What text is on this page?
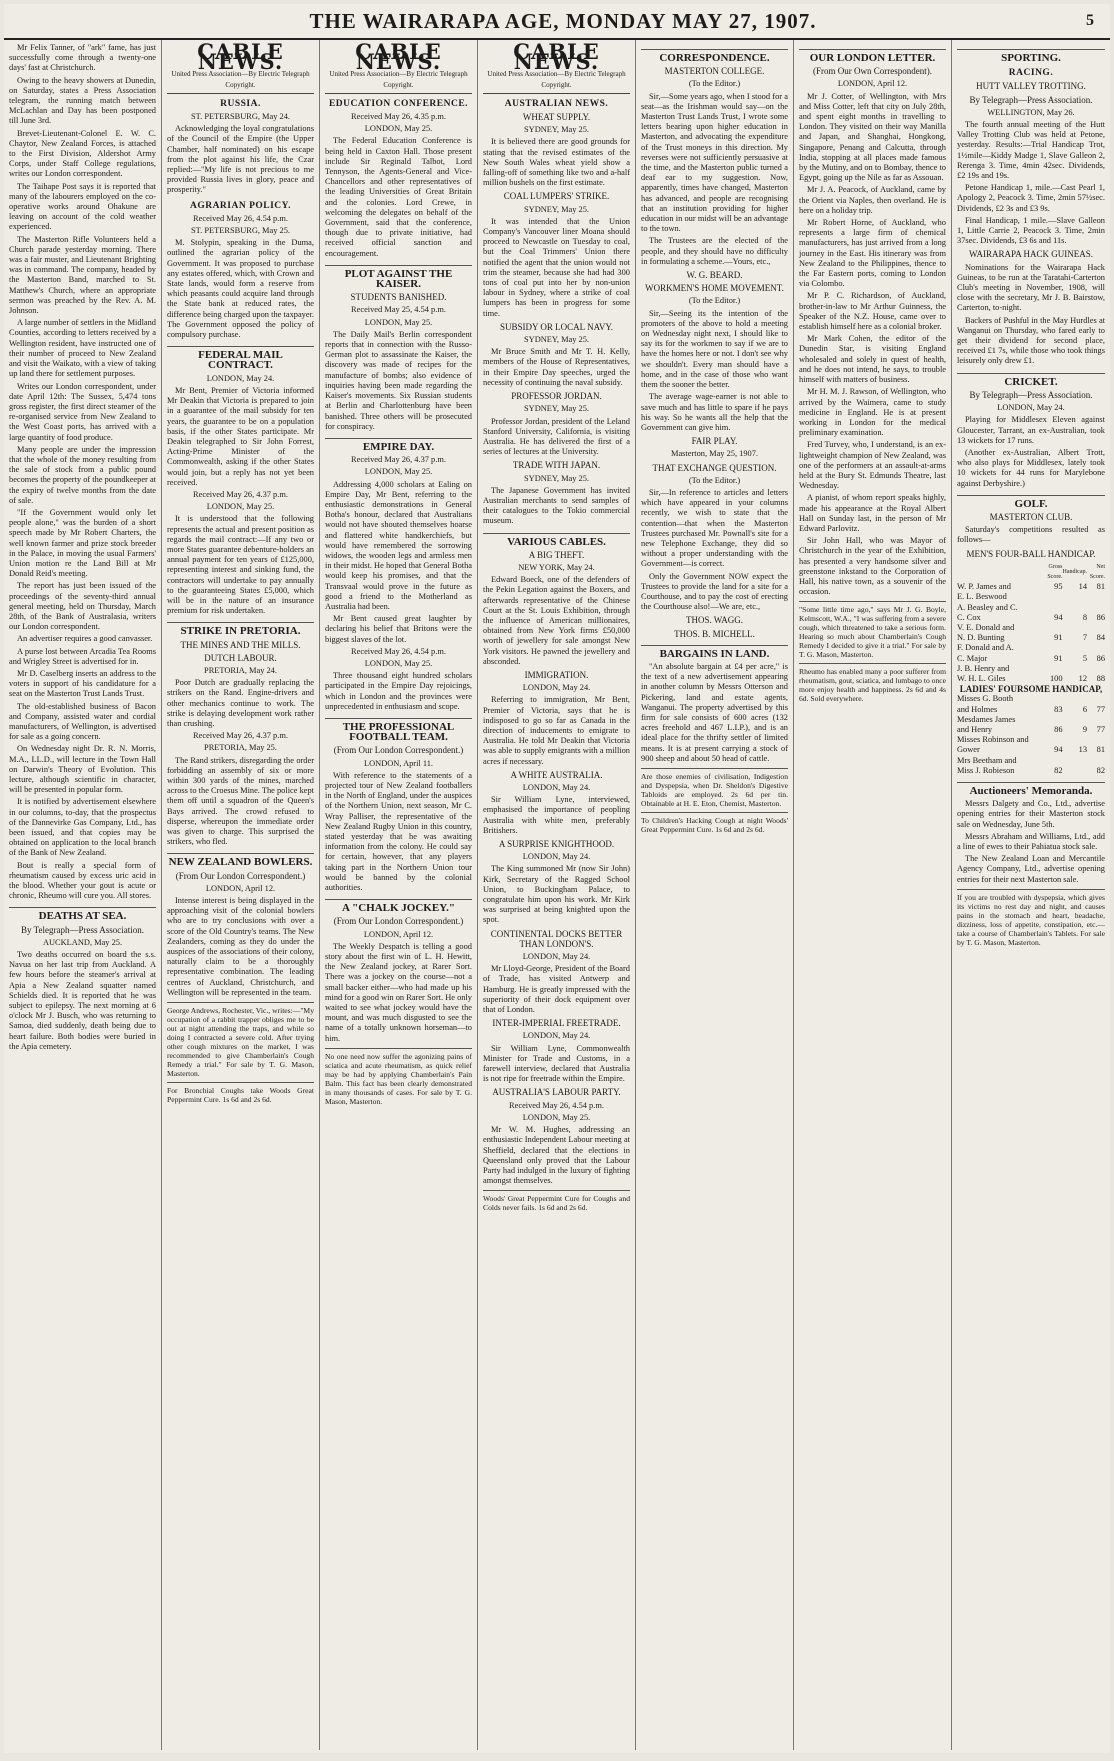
THE WAIRARAPA AGE, MONDAY MAY 27, 1907.	5

Mr Felix Tanner, of "ark" fame, has just successfully come through a twenty-one days' fast at Christchurch.

Owing to the heavy showers at Dunedin, on Saturday, states a Press Association telegram, the running match between McLachlan and Day has been postponed till June 3rd.

Brevet-Lieutenant-Colonel E. W. C. Chaytor, New Zealand Forces, is attached to the First Division, Aldershot Army Corps, under Staff College regulations, writes our London correspondent.

The Taihape Post says it is reported that many of the labourers employed on the co-operative works around Ohakune are leaving on account of the cold weather experienced.

The Masterton Rifle Volunteers held a Church parade yesterday morning. There was a fair muster, and Lieutenant Brighting was in command. The company, headed by the Masterton Band, marched to St. Matthew's Church, where an appropriate sermon was preached by the Rev. A. M. Johnson.

A large number of settlers in the Midland Counties, according to letters received by a Wellington resident, have instructed one of their number of proceed to New Zealand and visit the Waikato, with a view of taking up land there for settlement purposes.

Writes our London correspondent, under date April 12th: The Sussex, 5,474 tons gross register, the first direct steamer of the re-organised service from New Zealand to the West Coast ports, has arrived with a large quantity of food produce.

Many people are under the impression that the whole of the money resulting from the sale of stock from a public pound becomes the property of the poundkeeper at the expiry of twelve months from the date of sale.

"If the Government would only let people alone," was the burden of a short speech made by Mr Robert Charters, the well known farmer and prize stock breeder in the Palace, in moving the usual Farmers' Union motion re the Land Bill at Mr Donald Reid's meeting.

The report has just been issued of the proceedings of the seventy-third annual general meeting, held on Thursday, March 28th, of the Bank of Australasia, writers our London correspondent.

An advertiser requires a good canvasser.

A purse lost between Arcadia Tea Rooms and Wrigley Street is advertised for in.

Mr D. Caselberg inserts an address to the voters in support of his candidature for a seat on the Masterton Trust Lands Trust.

The old-established business of Bacon and Company, assisted water and cordial manufacturers, of Wellington, is advertised for sale as a going concern.

On Wednesday night Dr. R. N. Morris, M.A., LL.D., will lecture in the Town Hall on Darwin's Theory of Evolution. This lecture, although scientific in character, will be presented in popular form.

It is notified by advertisement elsewhere in our columns, to-day, that the prospectus of the Dannevirke Gas Company, Ltd., has been issued, and that copies may be obtained on application to the local branch of the Bank of New Zealand.

Bout is really a special form of rheumatism caused by excess uric acid in the blood. Whether your gout is acute or chronic, Rheumo will cure you. All stores.

DEATHS AT SEA.
By Telegraph—Press Association.
AUCKLAND, May 25.

Two deaths occurred on board the s.s. Navua on her last trip from Auckland. A few hours before the steamer's arrival at Apia a New Zealand squatter named Schields died. It is reported that he was subject to epilepsy. The next morning at 6 o'clock Mr J. Busch, who was returning to Samoa, died suddenly, death being due to heart failure. Both bodies were buried in the Apia cemetery.

CABLE NEWS.
United Press Association—By Electric Telegraph Copyright.
RUSSIA.
ST. PETERSBURG, May 24.

Acknowledging the loyal congratulations of the Council of the Empire (the Upper Chamber, half nominated) on his escape from the plot against his life, the Czar replied:—"My life is not precious to me provided Russia lives in glory, peace and prosperity."

AGRARIAN POLICY.
Received May 26, 4.54 p.m.
ST. PETERSBURG, May 25.

M. Stolypin, speaking in the Duma, outlined the agrarian policy of the Government. It was proposed to purchase any estates offered, which, with Crown and State lands, would form a reserve from which peasants could acquire land through the State bank at reduced rates, the difference being charged upon the taxpayer. The Government opposed the policy of compulsory purchase.

FEDERAL MAIL CONTRACT.
LONDON, May 24.

Mr Bent, Premier of Victoria informed Mr Deakin that Victoria is prepared to join in a guarantee of the mail subsidy for ten years, the guarantee to be on a population basis, if the other States participate. Mr Deakin telegraphed to Sir John Forrest, Acting-Prime Minister of the Commonwealth, asking if the other States would join, but a reply has not yet been received.

Received May 26, 4.37 p.m.
LONDON, May 25.

It is understood that the following represents the actual and present position as regards the mail contract:—If any two or more States guarantee debenture-holders an annual payment for ten years of £125,000, representing interest and sinking fund, the contractors will undertake to pay annually to the guaranteeing States £5,000, which will be in the nature of an insurance premium for risk undertaken.

STRIKE IN PRETORIA.
THE MINES AND THE MILLS.
DUTCH LABOUR.
PRETORIA, May 24.

Poor Dutch are gradually replacing the strikers on the Rand. Engine-drivers and other mechanics continue to work. The strike is delaying development work rather than crushing.

Received May 26, 4.37 p.m.
PRETORIA, May 25.

The Rand strikers, disregarding the order forbidding an assembly of six or more within 300 yards of the mines, marched across to the Croesus Mine. The police kept them off until a squadron of the Queen's Bays arrived. The crowd refused to disperse, whereupon the immediate order was given to charge. This surprised the strikers, who fled.

NEW ZEALAND BOWLERS.
(From Our London Correspondent.)
LONDON, April 12.

Intense interest is being displayed in the approaching visit of the colonial bowlers who are to try conclusions with over a score of the Old Country's teams. The New Zealanders, coming as they do under the auspices of the associations of their colony, naturally claim to be a thoroughly representative combination. The leading centres of Auckland, Christchurch, and Wellington will be represented in the team.

George Andrews, Rochester, Vic., writes:—"My occupation of a rabbit trapper obliges me to be out at night attending the traps, and while so doing I contracted a severe cold. After trying other cough mixtures on the market, I was recommended to give Chamberlain's Cough Remedy a trial." For sale by T. G. Mason, Masterton.
For Bronchial Coughs take Woods Great Peppermint Cure. 1s 6d and 2s 6d.
CABLE NEWS.
United Press Association—By Electric Telegraph Copyright.
EDUCATION CONFERENCE.
Received May 26, 4.35 p.m.
LONDON, May 25.

The Federal Education Conference is being held in Caxton Hall. Those present include Sir Reginald Talbot, Lord Tennyson, the Agents-General and Vice-Chancellors and other representatives of the leading Universities of Great Britain and the colonies. Lord Crewe, in welcoming the delegates on behalf of the Government, said that the conference, though due to private initiative, had received official sanction and encouragement.

PLOT AGAINST THE KAISER.
STUDENTS BANISHED.
Received May 25, 4.54 p.m.
LONDON, May 25.

The Daily Mail's Berlin correspondent reports that in connection with the Russo-German plot to assassinate the Kaiser, the discovery was made of recipes for the manufacture of bombs; also evidence of inquiries having been made regarding the Kaiser's movements. Six Russian students at Berlin and Charlottenburg have been banished. Three others will be prosecuted for conspiracy.

EMPIRE DAY.
Received May 26, 4.37 p.m.
LONDON, May 25.

Addressing 4,000 scholars at Ealing on Empire Day, Mr Bent, referring to the enthusiastic demonstrations in General Botha's honour, declared that Australians would not have shouted themselves hoarse and flattered white handkerchiefs, but would have remembered the sorrowing widows, the wooden legs and armless men in their midst. He hoped that General Botha would keep his promises, and that the Transvaal would prove in the future as good a friend to the Motherland as Australia had been.

Mr Bent caused great laughter by declaring his belief that Britons were the biggest slaves of the lot.

Received May 26, 4.54 p.m.
LONDON, May 25.

Three thousand eight hundred scholars participated in the Empire Day rejoicings, which in London and the provinces were unprecedented in enthusiasm and scope.

THE PROFESSIONAL FOOTBALL TEAM.
(From Our London Correspondent.)
LONDON, April 11.

With reference to the statements of a projected tour of New Zealand footballers in the North of England, under the auspices of the Northern Union, next season, Mr C. Wray Palliser, the representative of the New Zealand Rugby Union in this country, stated yesterday that he was awaiting information from the colony. He could say for certain, however, that any players taking part in the Northern Union tour would be banned by the colonial authorities.

A "CHALK JOCKEY."
(From Our London Correspondent.)
LONDON, April 12.

The Weekly Despatch is telling a good story about the first win of L. H. Hewitt, the New Zealand jockey, at Rarer Sort. There was a jockey on the course—not a small backer either—who had made up his mind for a good win on Rarer Sort. He only waited to see what jockey would have the mount, and was much disgusted to see the name of a totally unknown horseman—to him.

No one need now suffer the agonizing pains of sciatica and acute rheumatism, as quick relief may be had by applying Chamberlain's Pain Balm. This fact has been clearly demonstrated in many thousands of cases. For sale by T. G. Mason, Masterton.
CABLE NEWS.
United Press Association—By Electric Telegraph Copyright.
AUSTRALIAN NEWS.
WHEAT SUPPLY.
SYDNEY, May 25.

It is believed there are good grounds for stating that the revised estimates of the New South Wales wheat yield show a falling-off of something like two and a-half million bushels on the first estimate.

COAL LUMPERS' STRIKE.
SYDNEY, May 25.

It was intended that the Union Company's Vancouver liner Moana should proceed to Newcastle on Tuesday to coal, but the Coal Trimmers' Union there notified the agent that the union would not trim the steamer, because she had had 300 tons of coal put into her by non-union labour in Sydney, where a strike of coal lumpers has been in progress for some time.

SUBSIDY OR LOCAL NAVY.
SYDNEY, May 25.

Mr Bruce Smith and Mr T. H. Kelly, members of the House of Representatives, in their Empire Day speeches, urged the necessity of continuing the naval subsidy.

PROFESSOR JORDAN.
SYDNEY, May 25.

Professor Jordan, president of the Leland Stanford University, California, is visiting Australia. He has delivered the first of a series of lectures at the University.

TRADE WITH JAPAN.
SYDNEY, May 25.

The Japanese Government has invited Australian merchants to send samples of their catalogues to the Tokio commercial museum.

VARIOUS CABLES.
A BIG THEFT.
NEW YORK, May 24.

Edward Boeck, one of the defenders of the Pekin Legation against the Boxers, and afterwards representative of the Chinese Court at the St. Louis Exhibition, through the influence of American millionaires, obtained from New York firms £50,000 worth of jewellery for sale amongst New York visitors. He pawned the jewellery and absconded.

IMMIGRATION.
LONDON, May 24.

Referring to immigration, Mr Bent, Premier of Victoria, says that he is indisposed to go so far as Canada in the direction of inducements to emigrate to Australia. He told Mr Deakin that Victoria was able to supply emigrants with a million acres if necessary.

A WHITE AUSTRALIA.
LONDON, May 24.

Sir William Lyne, interviewed, emphasised the importance of peopling Australia with white men, preferably Britishers.

A SURPRISE KNIGHTHOOD.
LONDON, May 24.

The King summoned Mr (now Sir John) Kirk, Secretary of the Ragged School Union, to Buckingham Palace, to congratulate him upon his work. Mr Kirk was surprised at being knighted upon the spot.

CONTINENTAL DOCKS BETTER THAN LONDON'S.
LONDON, May 24.

Mr Lloyd-George, President of the Board of Trade, has visited Antwerp and Hamburg. He is greatly impressed with the superiority of their dock equipment over that of London.

INTER-IMPERIAL FREETRADE.
LONDON, May 24.

Sir William Lyne, Commonwealth Minister for Trade and Customs, in a farewell interview, declared that Australia is not ripe for freetrade within the Empire.

AUSTRALIA'S LABOUR PARTY.
Received May 26, 4.54 p.m.
LONDON, May 25.

Mr W. M. Hughes, addressing an enthusiastic Independent Labour meeting at Sheffield, declared that the elections in Queensland only proved that the Labour Party had indulged in the luxury of fighting amongst themselves.

Woods' Great Peppermint Cure for Coughs and Colds never fails. 1s 6d and 2s 6d.
CORRESPONDENCE.
MASTERTON COLLEGE.
(To the Editor.)

Sir,—Some years ago, when I stood for a seat—as the Irishman would say—on the Masterton Trust Lands Trust, I wrote some letters bearing upon higher education in Masterton, and advocating the expenditure of the Trust moneys in this direction. My reverses were not sufficiently persuasive at the time, and the Masterton public turned a deaf ear to my suggestion. Now, apparently, times have changed, Masterton has advanced, and people are recognising that an institution providing for higher education in our midst will be an advantage to the town.

The Trustees are the elected of the people, and they should have no difficulty in formulating a scheme.—Yours, etc.,

W. G. BEARD.
WORKMEN'S HOME MOVEMENT.
(To the Editor.)

Sir,—Seeing its the intention of the promoters of the above to hold a meeting on Wednesday night next, I should like to say its for the workmen to say if we are to have the homes here or not. I don't see why we shouldn't. Every man should have a home, and in the case of those who want them the sooner the better.

The average wage-earner is not able to save much and has little to spare if he pays his way. So he wants all the help that the Government can give him.

FAIR PLAY.
Masterton, May 25, 1907.
THAT EXCHANGE QUESTION.
(To the Editor.)

Sir,—In reference to articles and letters which have appeared in your columns recently, we wish to state that the contention—that when the Masterton Trustees purchased Mr. Pownall's site for a new Telephone Exchange, they did so without a proper understanding with the Government—is correct.

Only the Government NOW expect the Trustees to provide the land for a site for a Courthouse, and to pay the cost of erecting the Courthouse also!—We are, etc.,

THOS. WAGG.
THOS. B. MICHELL.
BARGAINS IN LAND.

"An absolute bargain at £4 per acre," is the text of a new advertisement appearing in another column by Messrs Otterson and Pickering, land and estate agents, Wanganui. The property advertised by this firm for sale consists of 600 acres (132 acres freehold and 467 L.I.P.), and is an ideal place for the thrifty settler of limited means. It is at present carrying a stock of 900 sheep and about 50 head of cattle.

Are those enemies of civilisation, Indigestion and Dyspepsia, when Dr. Sheldon's Digestive Tabloids are employed. 2s 6d per tin. Obtainable at H. E. Eton, Chemist, Masterton.
To Children's Hacking Cough at night Woods' Great Peppermint Cure. 1s 6d and 2s 6d.
OUR LONDON LETTER.
(From Our Own Correspondent).
LONDON, April 12.

Mr J. Cotter, of Wellington, with Mrs and Miss Cotter, left that city on July 28th, and spent eight months in travelling to London. They visited on their way Manilla and Japan, and Shanghai, Hongkong, Singapore, Penang and Calcutta, through India, stopping at all places made famous by the Mutiny, and on to Bombay, thence to Egypt, going up the Nile as far as Assouan.

Mr J. A. Peacock, of Auckland, came by the Orient via Naples, then overland. He is here on a holiday trip.

Mr Robert Horne, of Auckland, who represents a large firm of chemical manufacturers, has just arrived from a long journey in the East. His itinerary was from New Zealand to the Philippines, thence to the Far Eastern ports, coming to London via Colombo.

Mr P. C. Richardson, of Auckland, brother-in-law to Mr Arthur Guinness, the Speaker of the N.Z. House, came over to establish himself here as a colonial broker.

Mr Mark Cohen, the editor of the Dunedin Star, is visiting England wholesaled and solely in quest of health, and he does not intend, he says, to trouble himself with matters of business.

Mr H. M. J. Rawson, of Wellington, who arrived by the Waimera, came to study medicine in England. He is at present working in London for the medical preliminary examination.

Fred Turvey, who, I understand, is an ex-lightweight champion of New Zealand, was one of the performers at an assault-at-arms held at the Bury St. Edmunds Theatre, last Wednesday.

A pianist, of whom report speaks highly, made his appearance at the Royal Albert Hall on Sunday last, in the person of Mr Edward Parlovitz.

Sir John Hall, who was Mayor of Christchurch in the year of the Exhibition, has presented a very handsome silver and greenstone inkstand to the Corporation of Hall, his native town, as a souvenir of the occasion.

"Some little time ago," says Mr J. G. Boyle, Kelmscott, W.A., "I was suffering from a severe cough, which threatened to take a serious form. Hearing so much about Chamberlain's Cough Remedy I decided to give it a trial." For sale by T. G. Mason, Masterton.
Rheumo has enabled many a poor sufferer from rheumatism, gout, sciatica, and lumbago to once more enjoy health and happiness. 2s 6d and 4s 6d. Sold everywhere.
SPORTING.
RACING.
HUTT VALLEY TROTTING.
By Telegraph—Press Association.
WELLINGTON, May 26.

The fourth annual meeting of the Hutt Valley Trotting Club was held at Petone, yesterday. Results:—Trial Handicap Trot, 1½mile—Kiddy Madge 1, Slave Galleon 2, Rerenga 3. Time, 4min 42sec. Dividends, £2 19s and 19s.

Petone Handicap 1, mile.—Cast Pearl 1, Apology 2, Peacock 3. Time, 2min 57½sec. Dividends, £2 3s and £3 9s.

Final Handicap, 1 mile.—Slave Galleon 1, Little Carrie 2, Peacock 3. Time, 2min 37sec. Dividends, £3 6s and 11s.

WAIRARAPA HACK GUINEAS.

Nominations for the Wairarapa Hack Guineas, to be run at the Taratahi-Carterton Club's meeting in November, 1908, will close with the secretary, Mr J. B. Bairstow, Carterton, to-night.

Backers of Pushful in the May Hurdles at Wanganui on Thursday, who fared early to get their dividend for second place, received £1 7s, while those who took things leisurely only drew £1.

CRICKET.
By Telegraph—Press Association.
LONDON, May 24.

Playing for Middlesex Eleven against Gloucester, Tarrant, an ex-Australian, took 13 wickets for 17 runs.

(Another ex-Australian, Albert Trott, who also plays for Middlesex, lately took 10 wickets for 44 runs for Marylebone against Derbyshire.)

GOLF.
MASTERTON CLUB.

Saturday's competitions resulted as follows—

MEN'S FOUR-BALL HANDICAP.
	Gross Score.	Handicap.	Net Score.
W. P. James and	95	14	81
E. L. Beswood			
A. Beasley and C.			
C. Cox	94	8	86
V. E. Donald and			
N. D. Bunting	91	7	84
F. Donald and A.			
C. Major	91	5	86
J. B. Henry and			
W. H. L. Giles	100	12	88
LADIES' FOURSOME HANDICAP,			
Misses G. Booth			
and Holmes	83	6	77
Mesdames James			
and Henry	86	9	77
Misses Robinson and			
Gower	94	13	81
Mrs Beetham and			
Miss J. Robieson	82		82
Auctioneers' Memoranda.

Messrs Dalgety and Co., Ltd., advertise opening entries for their Masterton stock sale on Wednesday, June 5th.

Messrs Abraham and Williams, Ltd., add a line of ewes to their Pahiatua stock sale.

The New Zealand Loan and Mercantile Agency Company, Ltd., advertise opening entries for their next Masterton sale.

If you are troubled with dyspepsia, which gives its victims no rest day and night, and causes pains in the stomach and heart, headache, dizziness, loss of appetite, constipation, etc.—take a course of Chamberlain's Tablets. For sale by T. G. Mason, Masterton.
